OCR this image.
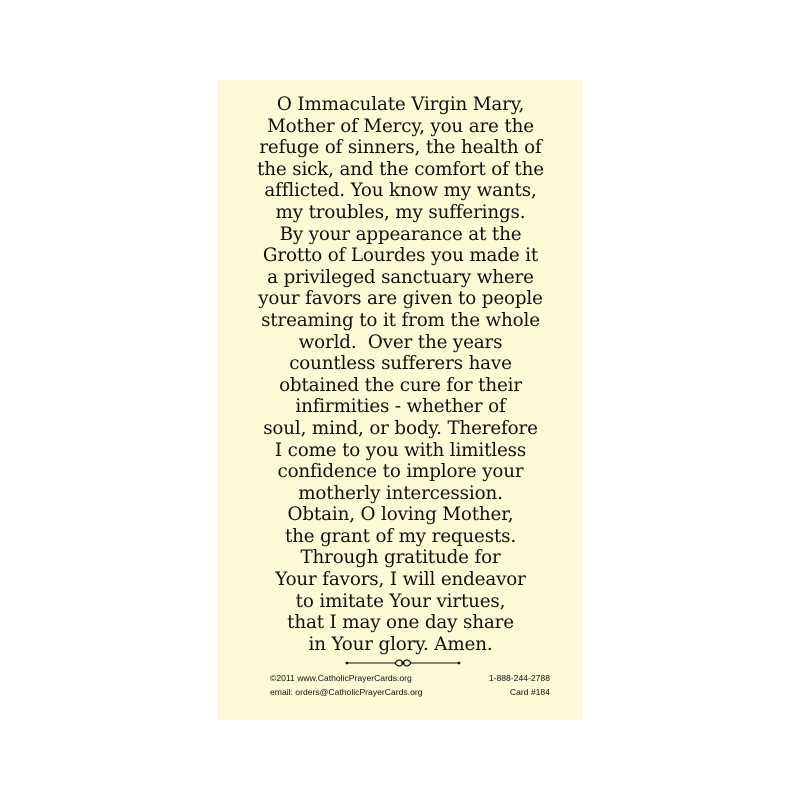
O Immaculate Virgin Mary,
Mother of Mercy, you are the
refuge of sinners, the health of
the sick, and the comfort of the
afflicted. You know my wants,
my troubles, my sufferings.
By your appearance at the
Grotto of Lourdes you made it
a privileged sanctuary where
your favors are given to people
streaming to it from the whole
world.  Over the years
countless sufferers have
obtained the cure for their
infirmities - whether of
soul, mind, or body. Therefore
I come to you with limitless
confidence to implore your
motherly intercession.
Obtain, O loving Mother,
the grant of my requests.
Through gratitude for
Your favors, I will endeavor
to imitate Your virtues,
that I may one day share
in Your glory. Amen.
©2011 www.CatholicPrayerCards.org	1-888-244-2788
email: orders@CatholicPrayerCards.org	Card #184
